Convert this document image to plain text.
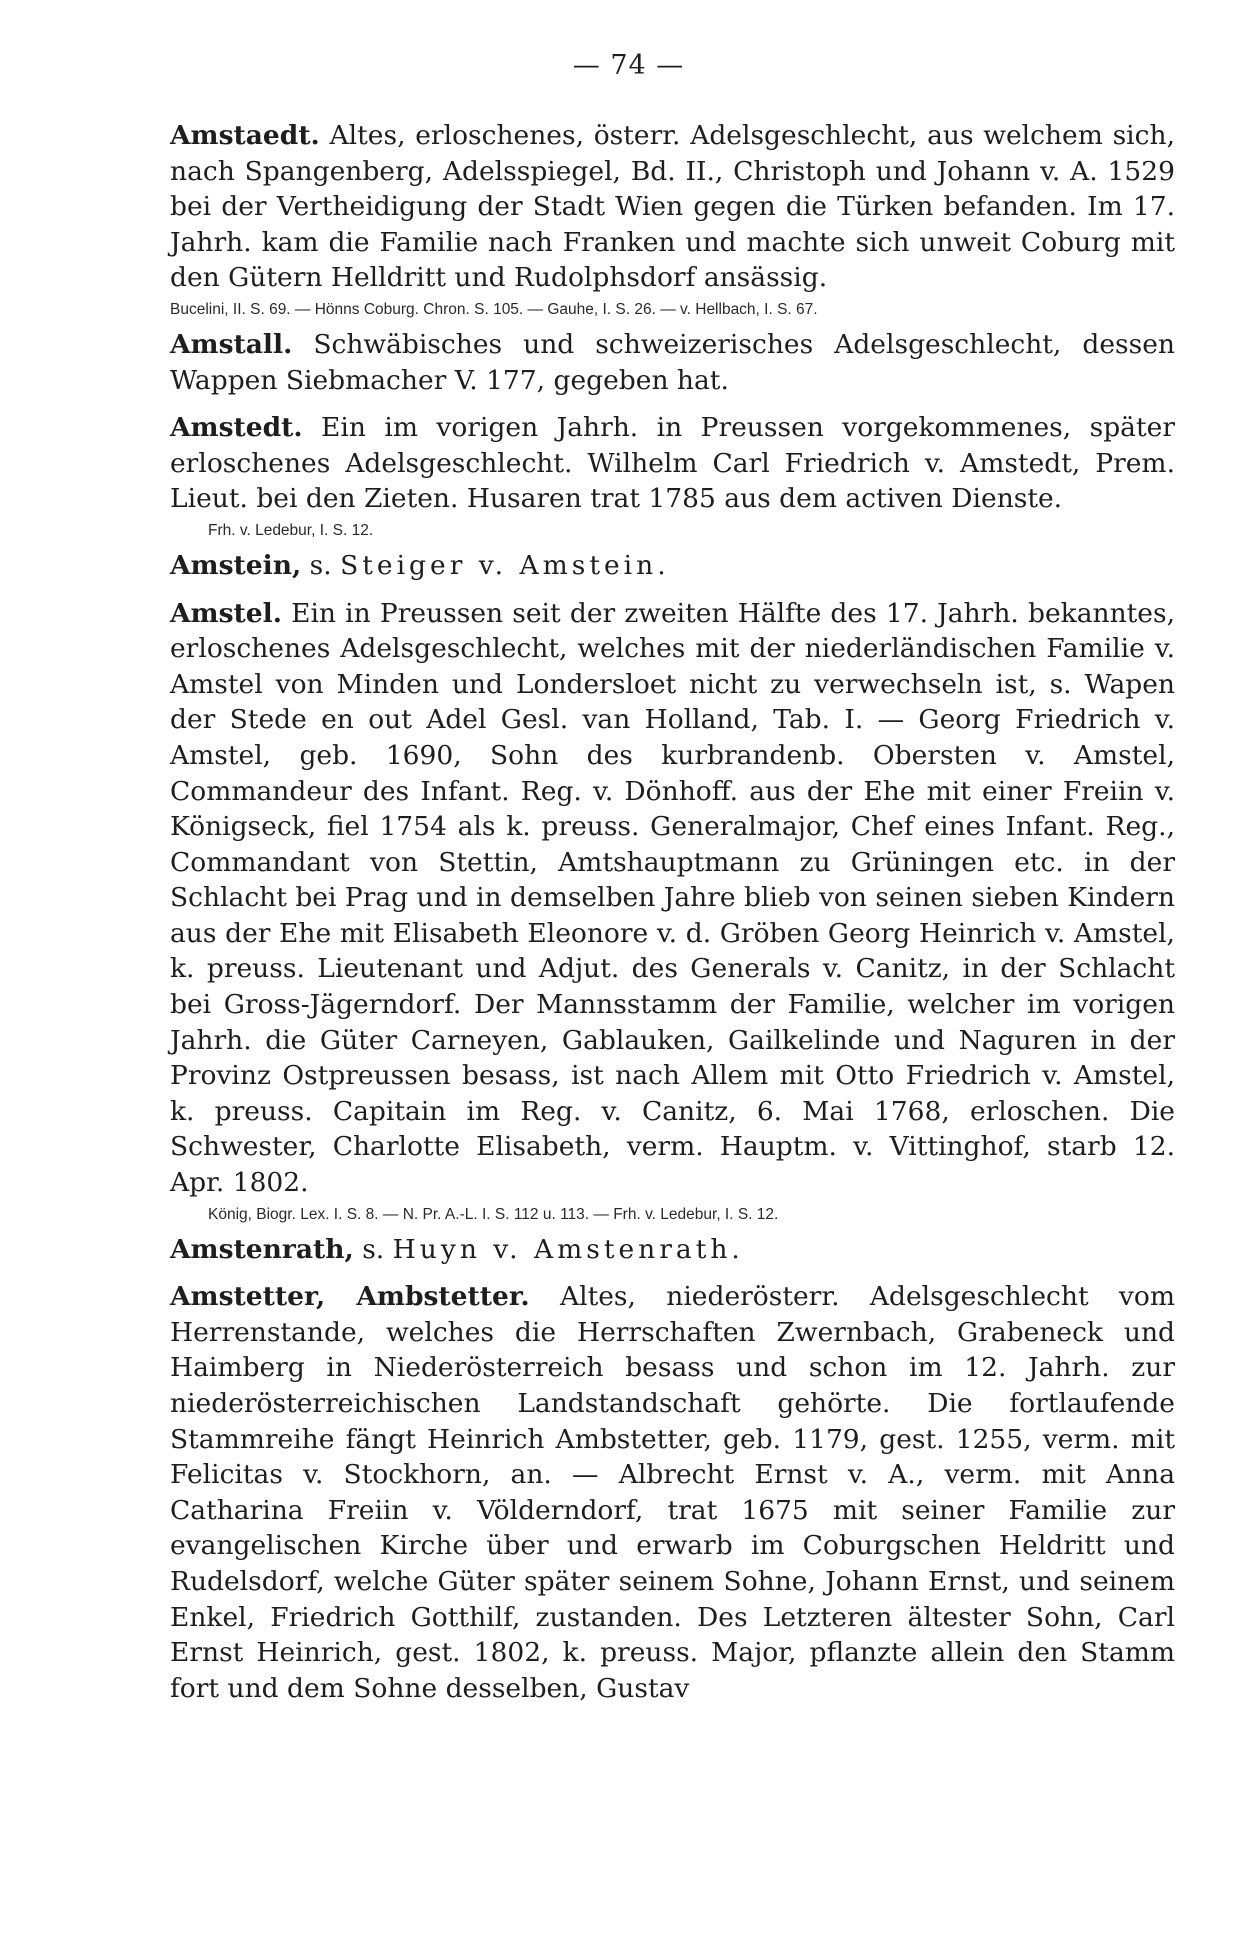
— 74 —

Amstaedt. Altes, erloschenes, österr. Adelsgeschlecht, aus welchem sich, nach Spangenberg, Adelsspiegel, Bd. II., Christoph und Johann v. A. 1529 bei der Vertheidigung der Stadt Wien gegen die Türken befanden. Im 17. Jahrh. kam die Familie nach Franken und machte sich unweit Coburg mit den Gütern Helldritt und Rudolphsdorf ansässig.

Bucelini, II. S. 69. — Hönns Coburg. Chron. S. 105. — Gauhe, I. S. 26. — v. Hellbach, I. S. 67.

Amstall. Schwäbisches und schweizerisches Adelsgeschlecht, dessen Wappen Siebmacher V. 177, gegeben hat.

Amstedt. Ein im vorigen Jahrh. in Preussen vorgekommenes, später erloschenes Adelsgeschlecht. Wilhelm Carl Friedrich v. Amstedt, Prem. Lieut. bei den Zieten. Husaren trat 1785 aus dem activen Dienste.

Frh. v. Ledebur, I. S. 12.

Amstein, s. Steiger v. Amstein.

Amstel. Ein in Preussen seit der zweiten Hälfte des 17. Jahrh. bekanntes, erloschenes Adelsgeschlecht, welches mit der niederländischen Familie v. Amstel von Minden und Londersloet nicht zu verwechseln ist, s. Wapen der Stede en out Adel Gesl. van Holland, Tab. I. — Georg Friedrich v. Amstel, geb. 1690, Sohn des kurbrandenb. Obersten v. Amstel, Commandeur des Infant. Reg. v. Dönhoff. aus der Ehe mit einer Freiin v. Königseck, fiel 1754 als k. preuss. Generalmajor, Chef eines Infant. Reg., Commandant von Stettin, Amtshauptmann zu Grüningen etc. in der Schlacht bei Prag und in demselben Jahre blieb von seinen sieben Kindern aus der Ehe mit Elisabeth Eleonore v. d. Gröben Georg Heinrich v. Amstel, k. preuss. Lieutenant und Adjut. des Generals v. Canitz, in der Schlacht bei Gross-Jägerndorf. Der Mannsstamm der Familie, welcher im vorigen Jahrh. die Güter Carneyen, Gablauken, Gailkelinde und Naguren in der Provinz Ostpreussen besass, ist nach Allem mit Otto Friedrich v. Amstel, k. preuss. Capitain im Reg. v. Canitz, 6. Mai 1768, erloschen. Die Schwester, Charlotte Elisabeth, verm. Hauptm. v. Vittinghof, starb 12. Apr. 1802.

König, Biogr. Lex. I. S. 8. — N. Pr. A.-L. I. S. 112 u. 113. — Frh. v. Ledebur, I. S. 12.

Amstenrath, s. Huyn v. Amstenrath.

Amstetter, Ambstetter. Altes, niederösterr. Adelsgeschlecht vom Herrenstande, welches die Herrschaften Zwernbach, Grabeneck und Haimberg in Niederösterreich besass und schon im 12. Jahrh. zur niederösterreichischen Landstandschaft gehörte. Die fortlaufende Stammreihe fängt Heinrich Ambstetter, geb. 1179, gest. 1255, verm. mit Felicitas v. Stockhorn, an. — Albrecht Ernst v. A., verm. mit Anna Catharina Freiin v. Völderndorf, trat 1675 mit seiner Familie zur evangelischen Kirche über und erwarb im Coburgschen Heldritt und Rudelsdorf, welche Güter später seinem Sohne, Johann Ernst, und seinem Enkel, Friedrich Gotthilf, zustanden. Des Letzteren ältester Sohn, Carl Ernst Heinrich, gest. 1802, k. preuss. Major, pflanzte allein den Stamm fort und dem Sohne desselben, Gustav
